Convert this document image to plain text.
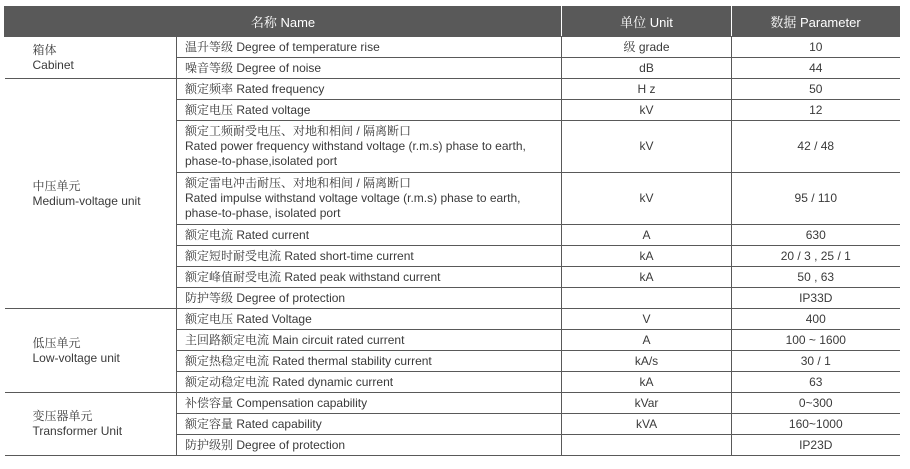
名称 Name		单位 Unit	数据 Parameter

箱体
Cabinet	温升等级 Degree of temperature rise	级 grade	10
	噪音等级 Degree of noise	dB	44

中压单元
Medium-voltage unit	额定频率 Rated frequency	H z	50
	额定电压 Rated voltage	kV	12

	额定工频耐受电压、对地和相间 / 隔离断口
Rated power frequency withstand voltage (r.m.s) phase to earth, phase-to-phase,isolated port	kV	42 / 48

	额定雷电冲击耐压、对地和相间 / 隔离断口
Rated impulse withstand voltage voltage (r.m.s) phase to earth, phase-to-phase, isolated port	kV	95 / 110
	额定电流 Rated current	A	630
	额定短时耐受电流 Rated short-time current	kA	20 / 3 , 25 / 1
	额定峰值耐受电流 Rated peak withstand current	kA	50 , 63
	防护等级 Degree of protection		IP33D

低压单元
Low-voltage unit	额定电压 Rated Voltage	V	400
	主回路额定电流 Main circuit rated current	A	100 ~ 1600
	额定热稳定电流 Rated thermal stability current	kA/s	30 / 1
	额定动稳定电流 Rated dynamic current	kA	63

变压器单元
Transformer Unit	补偿容量 Compensation capability	kVar	0~300
	额定容量 Rated capability	kVA	160~1000
	防护级别 Degree of protection		IP23D
